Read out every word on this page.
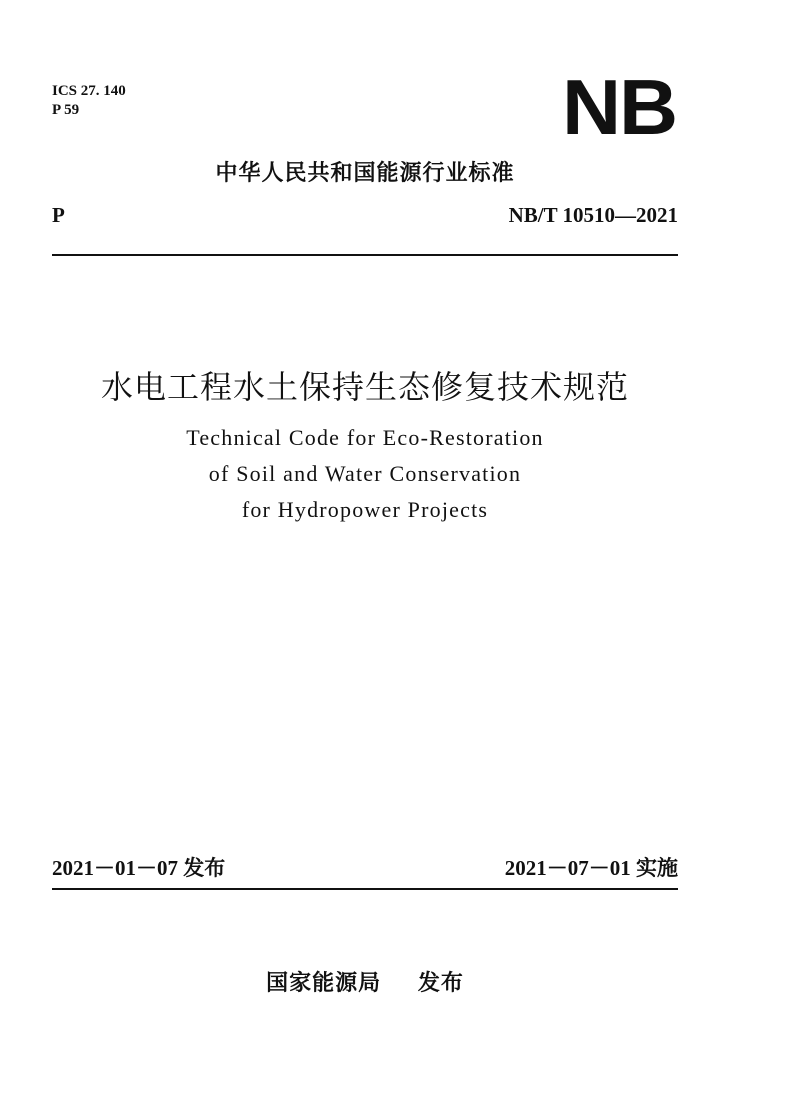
ICS 27. 140
P 59	NB
中华人民共和国能源行业标准
P	NB/T 10510—2021
水电工程水土保持生态修复技术规范
Technical Code for Eco-Restoration
of Soil and Water Conservation
for Hydropower Projects
2021－01－07 发布	2021－07－01 实施
国家能源局 发布
